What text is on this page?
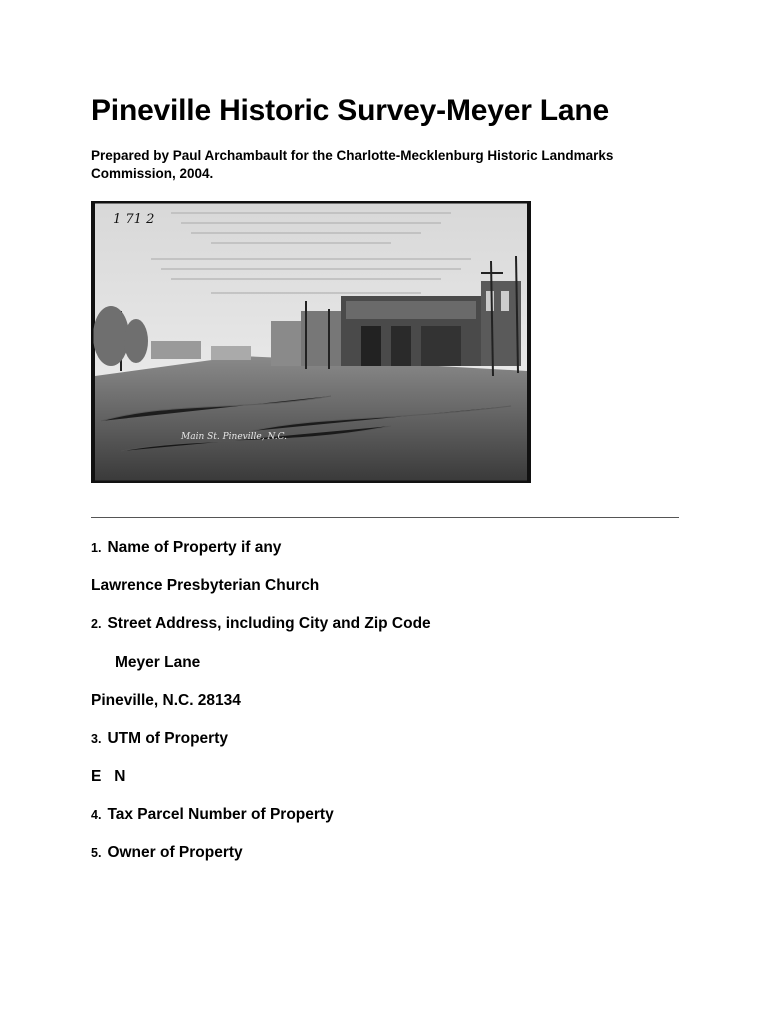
Pineville Historic Survey-Meyer Lane

Prepared by Paul Archambault for the Charlotte-Mecklenburg Historic Landmarks
Commission, 2004.

1 71 2
Main St. Pineville, N.C.

1. Name of Property if any

Lawrence Presbyterian Church

2. Street Address, including City and Zip Code

Meyer Lane

Pineville, N.C. 28134

3. UTM of Property

E   N

4. Tax Parcel Number of Property

5. Owner of Property
